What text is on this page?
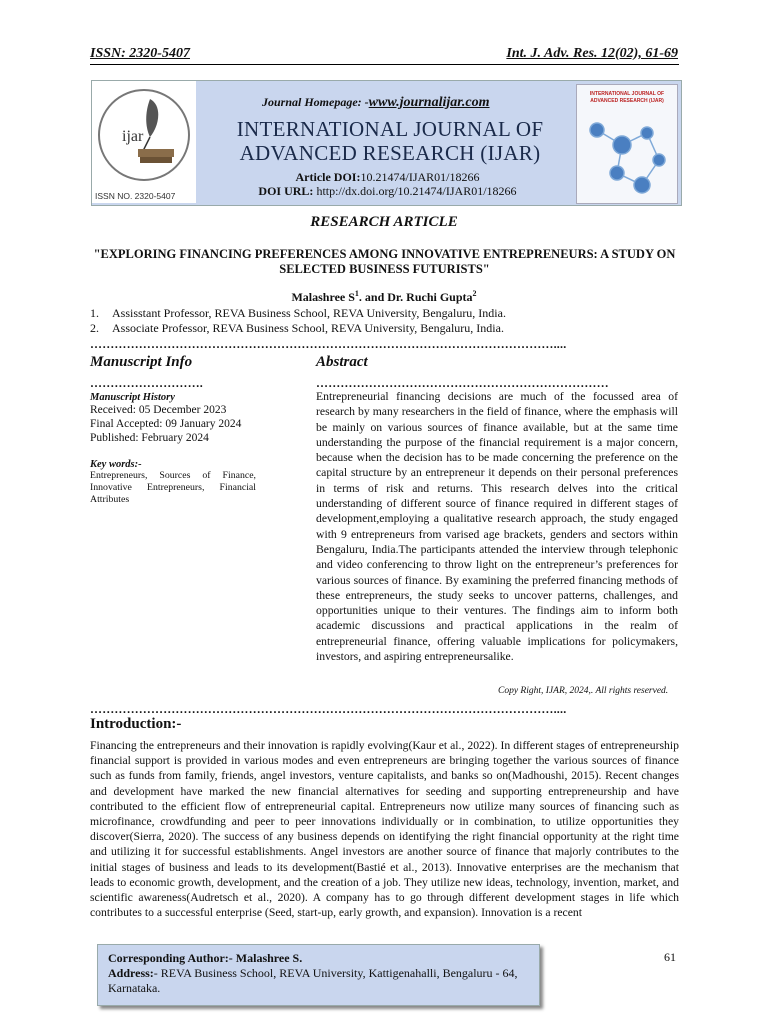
ISSN: 2320-5407	Int. J. Adv. Res. 12(02), 61-69
ijar
ISSN NO. 2320-5407
Journal Homepage: -www.journalijar.com
INTERNATIONAL JOURNAL OF
ADVANCED RESEARCH (IJAR)
Article DOI:10.21474/IJAR01/18266
DOI URL: http://dx.doi.org/10.21474/IJAR01/18266
INTERNATIONAL JOURNAL OF
ADVANCED RESEARCH (IJAR)
RESEARCH ARTICLE
"EXPLORING FINANCING PREFERENCES AMONG INNOVATIVE ENTREPRENEURS: A STUDY ON SELECTED BUSINESS FUTURISTS"
Malashree $S^1$. and Dr. Ruchi Gupta$^2$
1. Assisstant Professor, REVA Business School, REVA University, Bengaluru, India.
2. Associate Professor, REVA Business School, REVA University, Bengaluru, India.
……………………………………………………………………………………………………....
Manuscript Info
……………………….
Manuscript History
Received: 05 December 2023
Final Accepted: 09 January 2024
Published: February 2024
Key words:-
Entrepreneurs, Sources of Finance, Innovative Entrepreneurs, Financial Attributes
Abstract
………………………………………………………………
Entrepreneurial financing decisions are much of the focussed area of research by many researchers in the field of finance, where the emphasis will be mainly on various sources of finance available, but at the same time understanding the purpose of the financial requirement is a major concern, because when the decision has to be made concerning the preference on the capital structure by an entrepreneur it depends on their personal preferences in terms of risk and returns. This research delves into the critical understanding of different source of finance required in different stages of development,employing a qualitative research approach, the study engaged with 9 entrepreneurs from varised age brackets, genders and sectors within Bengaluru, India.The participants attended the interview through telephonic and video conferencing to throw light on the entrepreneur’s preferences for various sources of finance. By examining the preferred financing methods of these entrepreneurs, the study seeks to uncover patterns, challenges, and opportunities unique to their ventures. The findings aim to inform both academic discussions and practical applications in the realm of entrepreneurial finance, offering valuable implications for policymakers, investors, and aspiring entrepreneursalike.
Copy Right, IJAR, 2024,. All rights reserved.
……………………………………………………………………………………………………....
Introduction:-
Financing the entrepreneurs and their innovation is rapidly evolving(Kaur et al., 2022). In different stages of entrepreneurship financial support is provided in various modes and even entrepreneurs are bringing together the various sources of finance such as funds from family, friends, angel investors, venture capitalists, and banks so on(Madhoushi, 2015). Recent changes and development have marked the new financial alternatives for seeding and supporting entrepreneurship and have contributed to the efficient flow of entrepreneurial capital. Entrepreneurs now utilize many sources of financing such as microfinance, crowdfunding and peer to peer innovations individually or in combination, to utilize opportunities they discover(Sierra, 2020). The success of any business depends on identifying the right financial opportunity at the right time and utilizing it for successful establishments. Angel investors are another source of finance that majorly contributes to the initial stages of business and leads to its development(Bastié et al., 2013). Innovative enterprises are the mechanism that leads to economic growth, development, and the creation of a job. They utilize new ideas, technology, invention, market, and scientific awareness(Audretsch et al., 2020). A company has to go through different development stages in life which contributes to a successful enterprise (Seed, start-up, early growth, and expansion). Innovation is a recent
Corresponding Author:- Malashree S.
Address:- REVA Business School, REVA University, Kattigenahalli, Bengaluru - 64, Karnataka.
61
